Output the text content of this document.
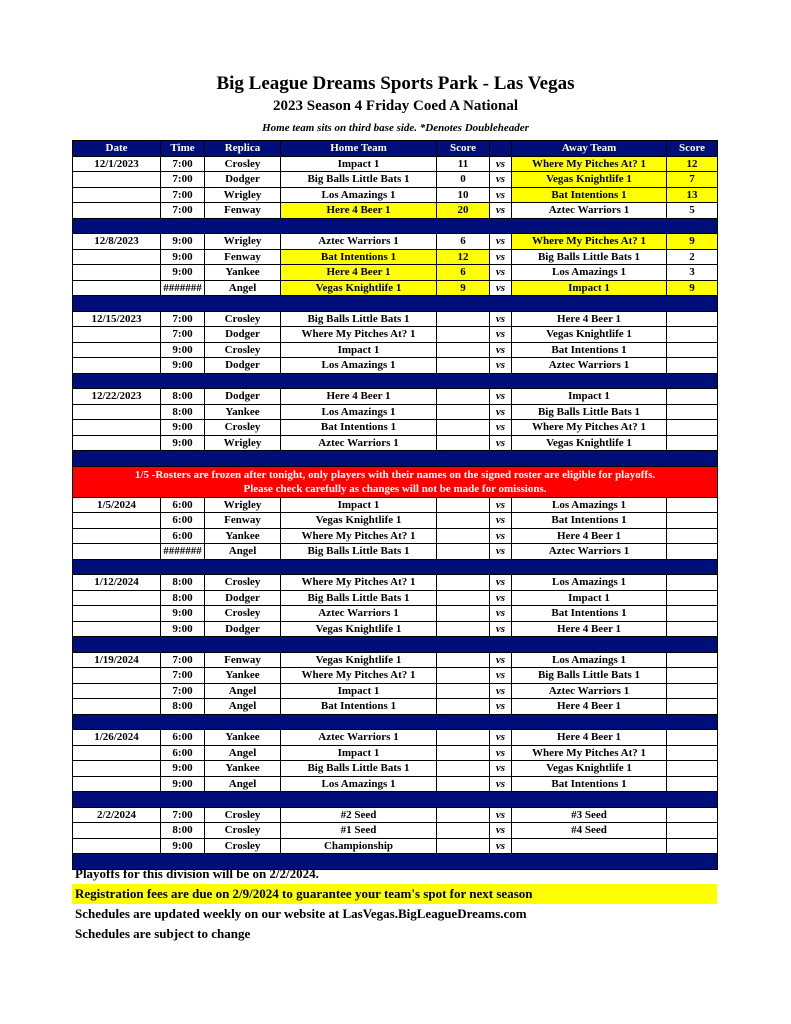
Big League Dreams Sports Park - Las Vegas
2023 Season 4 Friday Coed A National
Home team sits on third base side. *Denotes Doubleheader
Date	Time	Replica	Home Team	Score		Away Team	Score
12/1/2023	7:00	Crosley	Impact 1	11	vs	Where My Pitches At? 1	12
	7:00	Dodger	Big Balls Little Bats 1	0	vs	Vegas Knightlife 1	7
	7:00	Wrigley	Los Amazings 1	10	vs	Bat Intentions 1	13
	7:00	Fenway	Here 4 Beer 1	20	vs	Aztec Warriors 1	5

12/8/2023	9:00	Wrigley	Aztec Warriors 1	6	vs	Where My Pitches At? 1	9
	9:00	Fenway	Bat Intentions 1	12	vs	Big Balls Little Bats 1	2
	9:00	Yankee	Here 4 Beer 1	6	vs	Los Amazings 1	3
	#######	Angel	Vegas Knightlife 1	9	vs	Impact 1	9

12/15/2023	7:00	Crosley	Big Balls Little Bats 1		vs	Here 4 Beer 1	
	7:00	Dodger	Where My Pitches At? 1		vs	Vegas Knightlife 1	
	9:00	Crosley	Impact 1		vs	Bat Intentions 1	
	9:00	Dodger	Los Amazings 1		vs	Aztec Warriors 1	

12/22/2023	8:00	Dodger	Here 4 Beer 1		vs	Impact 1	
	8:00	Yankee	Los Amazings 1		vs	Big Balls Little Bats 1	
	9:00	Crosley	Bat Intentions 1		vs	Where My Pitches At? 1	
	9:00	Wrigley	Aztec Warriors 1		vs	Vegas Knightlife 1	

1/5 -Rosters are frozen after tonight, only players with their names on the signed roster are eligible for playoffs.
Please check carefully as changes will not be made for omissions.							

1/5/2024	6:00	Wrigley	Impact 1		vs	Los Amazings 1	
	6:00	Fenway	Vegas Knightlife 1		vs	Bat Intentions 1	
	6:00	Yankee	Where My Pitches At? 1		vs	Here 4 Beer 1	
	#######	Angel	Big Balls Little Bats 1		vs	Aztec Warriors 1	

1/12/2024	8:00	Crosley	Where My Pitches At? 1		vs	Los Amazings 1	
	8:00	Dodger	Big Balls Little Bats 1		vs	Impact 1	
	9:00	Crosley	Aztec Warriors 1		vs	Bat Intentions 1	
	9:00	Dodger	Vegas Knightlife 1		vs	Here 4 Beer 1	

1/19/2024	7:00	Fenway	Vegas Knightlife 1		vs	Los Amazings 1	
	7:00	Yankee	Where My Pitches At? 1		vs	Big Balls Little Bats 1	
	7:00	Angel	Impact 1		vs	Aztec Warriors 1	
	8:00	Angel	Bat Intentions 1		vs	Here 4 Beer 1	

1/26/2024	6:00	Yankee	Aztec Warriors 1		vs	Here 4 Beer 1	
	6:00	Angel	Impact 1		vs	Where My Pitches At? 1	
	9:00	Yankee	Big Balls Little Bats 1		vs	Vegas Knightlife 1	
	9:00	Angel	Los Amazings 1		vs	Bat Intentions 1	

2/2/2024	7:00	Crosley	#2 Seed		vs	#3 Seed	
	8:00	Crosley	#1 Seed		vs	#4 Seed	
	9:00	Crosley	Championship		vs		

Playoffs for this division will be on 2/2/2024.
Registration fees are due on 2/9/2024 to guarantee your team's spot for next season
Schedules are updated weekly on our website at LasVegas.BigLeagueDreams.com
Schedules are subject to change
